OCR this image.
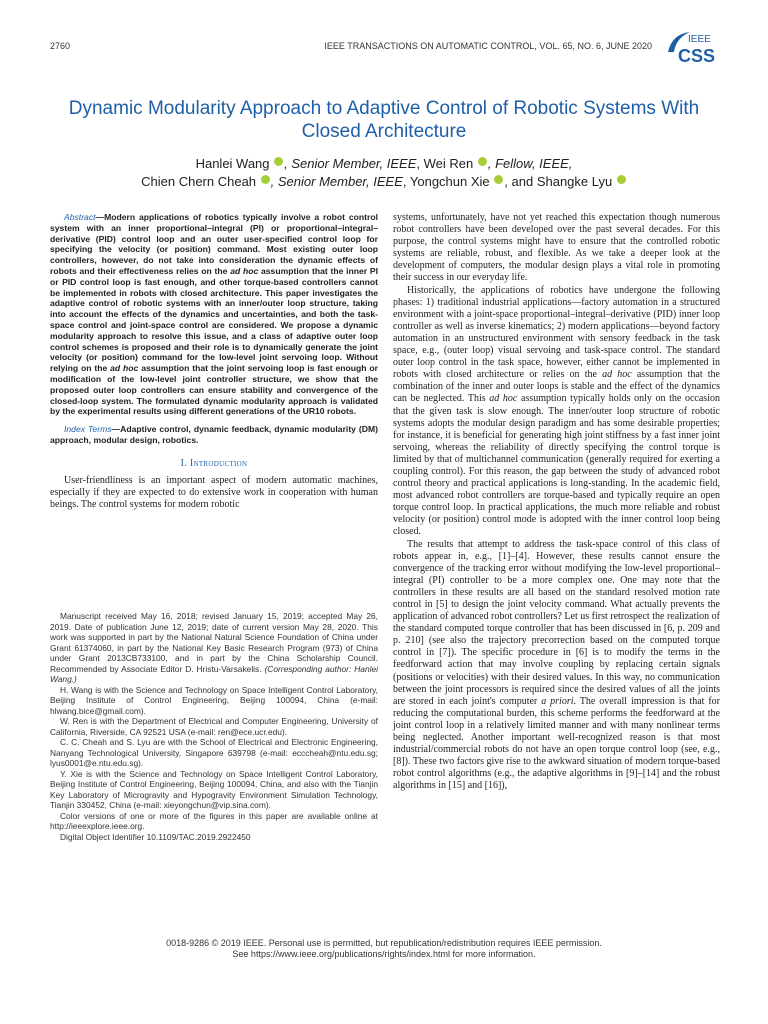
2760	IEEE TRANSACTIONS ON AUTOMATIC CONTROL, VOL. 65, NO. 6, JUNE 2020
IEEE
CSS
Dynamic Modularity Approach to Adaptive Control of Robotic Systems With Closed Architecture
Hanlei Wang , Senior Member, IEEE, Wei Ren , Fellow, IEEE,
Chien Chern Cheah , Senior Member, IEEE, Yongchun Xie , and Shangke Lyu

Abstract—Modern applications of robotics typically involve a robot control system with an inner proportional–integral (PI) or proportional–integral–derivative (PID) control loop and an outer user-specified control loop for specifying the velocity (or position) command. Most existing outer loop controllers, however, do not take into consideration the dynamic effects of robots and their effectiveness relies on the ad hoc assumption that the inner PI or PID control loop is fast enough, and other torque-based controllers cannot be implemented in robots with closed architecture. This paper investigates the adaptive control of robotic systems with an inner/outer loop structure, taking into account the effects of the dynamics and uncertainties, and both the task-space control and joint-space control are considered. We propose a dynamic modularity approach to resolve this issue, and a class of adaptive outer loop control schemes is proposed and their role is to dynamically generate the joint velocity (or position) command for the low-level joint servoing loop. Without relying on the ad hoc assumption that the joint servoing loop is fast enough or modification of the low-level joint controller structure, we show that the proposed outer loop controllers can ensure stability and convergence of the closed-loop system. The formulated dynamic modularity approach is validated by the experimental results using different generations of the UR10 robots.

Index Terms—Adaptive control, dynamic feedback, dynamic modularity (DM) approach, modular design, robotics.

I. Introduction

User-friendliness is an important aspect of modern automatic machines, especially if they are expected to do extensive work in cooperation with human beings. The control systems for modern robotic

Manuscript received May 16, 2018; revised January 15, 2019; accepted May 26, 2019. Date of publication June 12, 2019; date of current version May 28, 2020. This work was supported in part by the National Natural Science Foundation of China under Grant 61374060, in part by the National Key Basic Research Program (973) of China under Grant 2013CB733100, and in part by the China Scholarship Council. Recommended by Associate Editor D. Hristu-Varsakelis. (Corresponding author: Hanlei Wang.)

H. Wang is with the Science and Technology on Space Intelligent Control Laboratory, Beijing Institute of Control Engineering, Beijing 100094, China (e-mail: hlwang.bice@gmail.com).

W. Ren is with the Department of Electrical and Computer Engineering, University of California, Riverside, CA 92521 USA (e-mail: ren@ece.ucr.edu).

C. C. Cheah and S. Lyu are with the School of Electrical and Electronic Engineering, Nanyang Technological University, Singapore 639798 (e-mail: ecccheah@ntu.edu.sg; lyus0001@e.ntu.edu.sg).

Y. Xie is with the Science and Technology on Space Intelligent Control Laboratory, Beijing Institute of Control Engineering, Beijing 100094, China, and also with the Tianjin Key Laboratory of Microgravity and Hypogravity Environment Simulation Technology, Tianjin 330452, China (e-mail: xieyongchun@vip.sina.com).

Color versions of one or more of the figures in this paper are available online at http://ieeexplore.ieee.org.

Digital Object Identifier 10.1109/TAC.2019.2922450

systems, unfortunately, have not yet reached this expectation though numerous robot controllers have been developed over the past several decades. For this purpose, the control systems might have to ensure that the controlled robotic systems are reliable, robust, and flexible. As we take a deeper look at the development of computers, the modular design plays a vital role in promoting their success in our everyday life.

Historically, the applications of robotics have undergone the following phases: 1) traditional industrial applications—factory automation in a structured environment with a joint-space proportional–integral–derivative (PID) inner loop controller as well as inverse kinematics; 2) modern applications—beyond factory automation in an unstructured environment with sensory feedback in the task space, e.g., (outer loop) visual servoing and task-space control. The standard outer loop control in the task space, however, either cannot be implemented in robots with closed architecture or relies on the ad hoc assumption that the combination of the inner and outer loops is stable and the effect of the dynamics can be neglected. This ad hoc assumption typically holds only on the occasion that the given task is slow enough. The inner/outer loop structure of robotic systems adopts the modular design paradigm and has some desirable properties; for instance, it is beneficial for generating high joint stiffness by a fast inner joint servoing, whereas the reliability of directly specifying the control torque is limited by that of multichannel communication (generally required for exerting a coupling control). For this reason, the gap between the study of advanced robot control theory and practical applications is long-standing. In the academic field, most advanced robot controllers are torque-based and typically require an open torque control loop. In practical applications, the much more reliable and robust velocity (or position) control mode is adopted with the inner control loop being closed.

The results that attempt to address the task-space control of this class of robots appear in, e.g., [1]–[4]. However, these results cannot ensure the convergence of the tracking error without modifying the low-level proportional–integral (PI) controller to be a more complex one. One may note that the controllers in these results are all based on the standard resolved motion rate control in [5] to design the joint velocity command. What actually prevents the application of advanced robot controllers? Let us first retrospect the realization of the standard computed torque controller that has been discussed in [6, p. 209 and p. 210] (see also the trajectory precorrection based on the computed torque control in [7]). The specific procedure in [6] is to modify the terms in the feedforward action that may involve coupling by replacing certain signals (positions or velocities) with their desired values. In this way, no communication between the joint processors is required since the desired values of all the joints are stored in each joint's computer a priori. The overall impression is that for reducing the computational burden, this scheme performs the feedforward at the joint control loop in a relatively limited manner and with many nonlinear terms being neglected. Another important well-recognized reason is that most industrial/commercial robots do not have an open torque control loop (see, e.g., [8]). These two factors give rise to the awkward situation of modern torque-based robot control algorithms (e.g., the adaptive algorithms in [9]–[14] and the robust algorithms in [15] and [16]),

0018-9286 © 2019 IEEE. Personal use is permitted, but republication/redistribution requires IEEE permission.
See https://www.ieee.org/publications/rights/index.html for more information.
